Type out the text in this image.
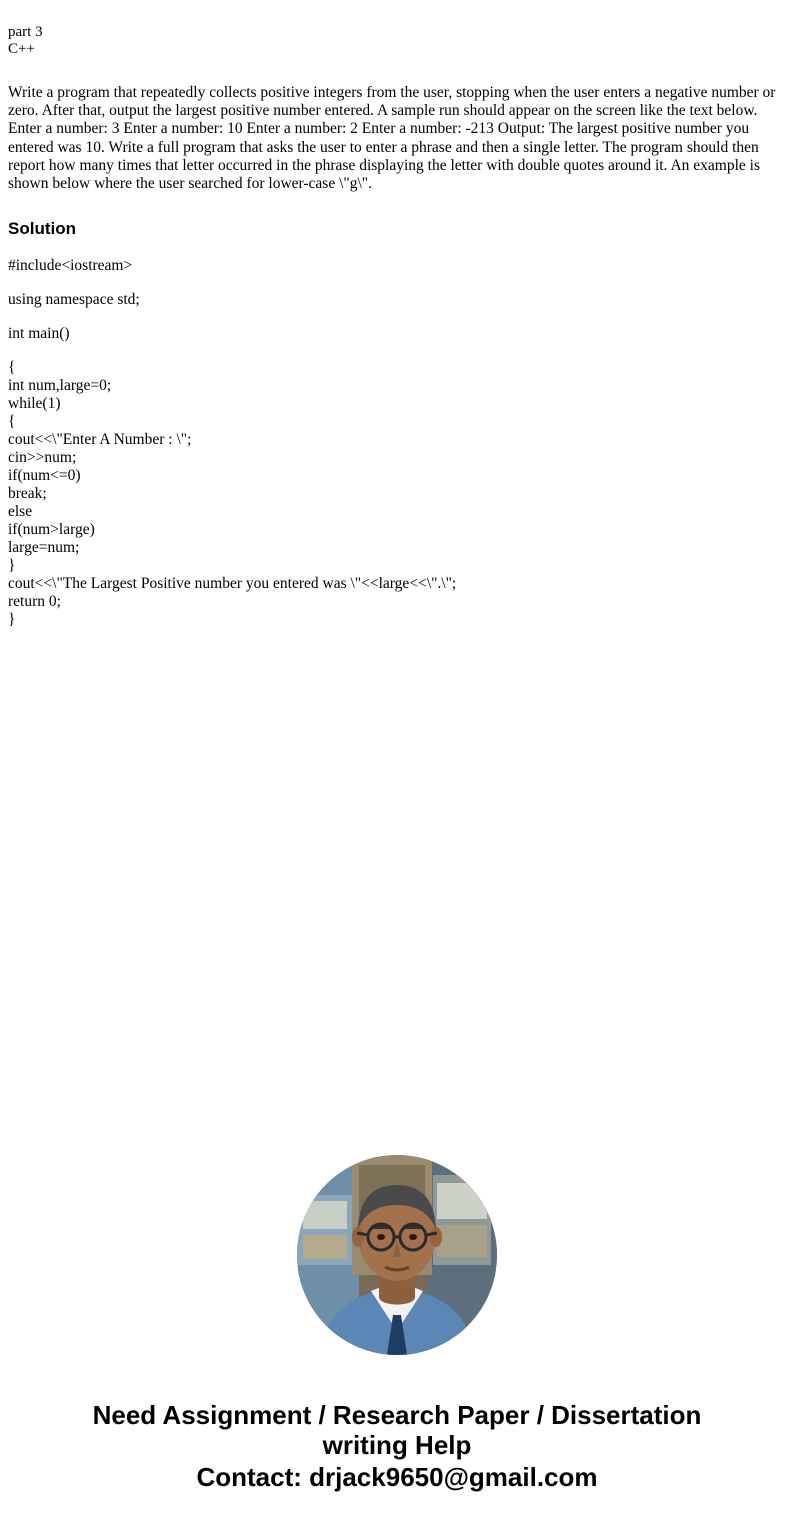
part 3
C++

Write a program that repeatedly collects positive integers from the user, stopping when the user enters a negative number or zero. After that, output the largest positive number entered. A sample run should appear on the screen like the text below. Enter a number: 3 Enter a number: 10 Enter a number: 2 Enter a number: -213 Output: The largest positive number you entered was 10. Write a full program that asks the user to enter a phrase and then a single letter. The program should then report how many times that letter occurred in the phrase displaying the letter with double quotes around it. An example is shown below where the user searched for lower-case \"g\".

Solution
#include<iostream>
using namespace std;
int main()
{
int num,large=0;
while(1)
{
cout<<\"Enter A Number : \";
cin>>num;
if(num<=0)
break;
else
if(num>large)
large=num;
}
cout<<\"The Largest Positive number you entered was \"<<large<<\".\";
return 0;
}
Need Assignment / Research Paper / Dissertation
writing Help
Contact: drjack9650@gmail.com
